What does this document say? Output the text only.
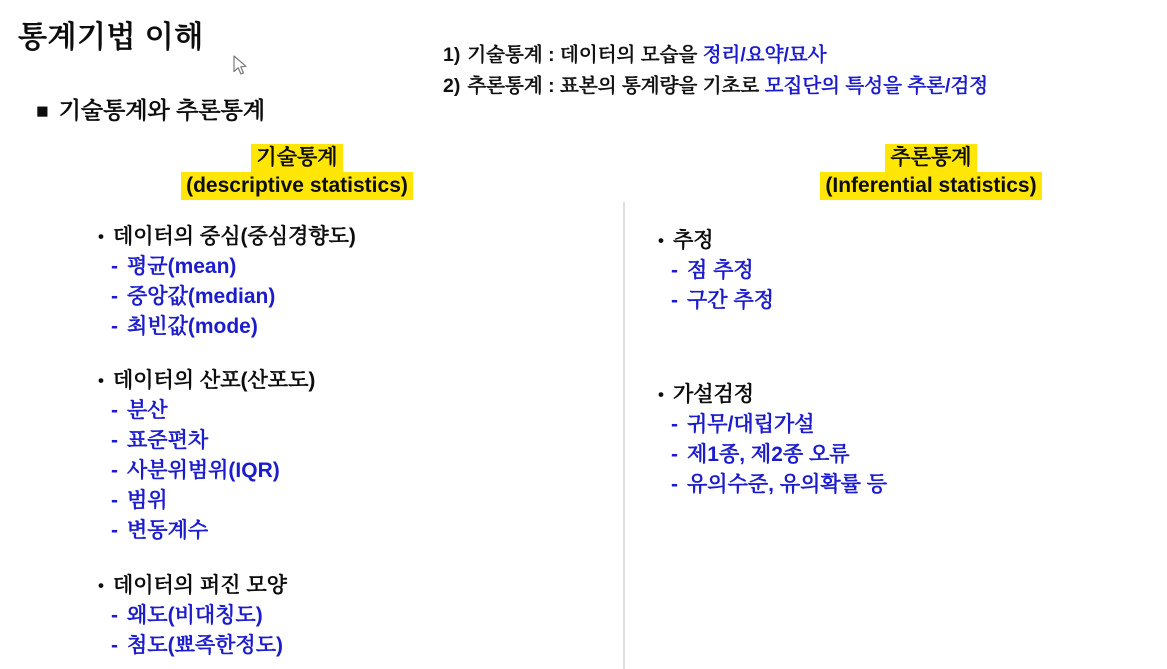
통계기법 이해
■ 기술통계와 추론통계
1) 기술통계 : 데이터의 모습을 정리/요약/묘사
2) 추론통계 : 표본의 통계량을 기초로 모집단의 특성을 추론/검정
기술통계
(descriptive statistics)
추론통계
(Inferential statistics)
• 데이터의 중심(중심경향도)
- 평균(mean)
- 중앙값(median)
- 최빈값(mode)
• 데이터의 산포(산포도)
- 분산
- 표준편차
- 사분위범위(IQR)
- 범위
- 변동계수
• 데이터의 퍼진 모양
- 왜도(비대칭도)
- 첨도(뾰족한정도)
• 추정
- 점 추정
- 구간 추정
• 가설검정
- 귀무/대립가설
- 제1종, 제2종 오류
- 유의수준, 유의확률 등
